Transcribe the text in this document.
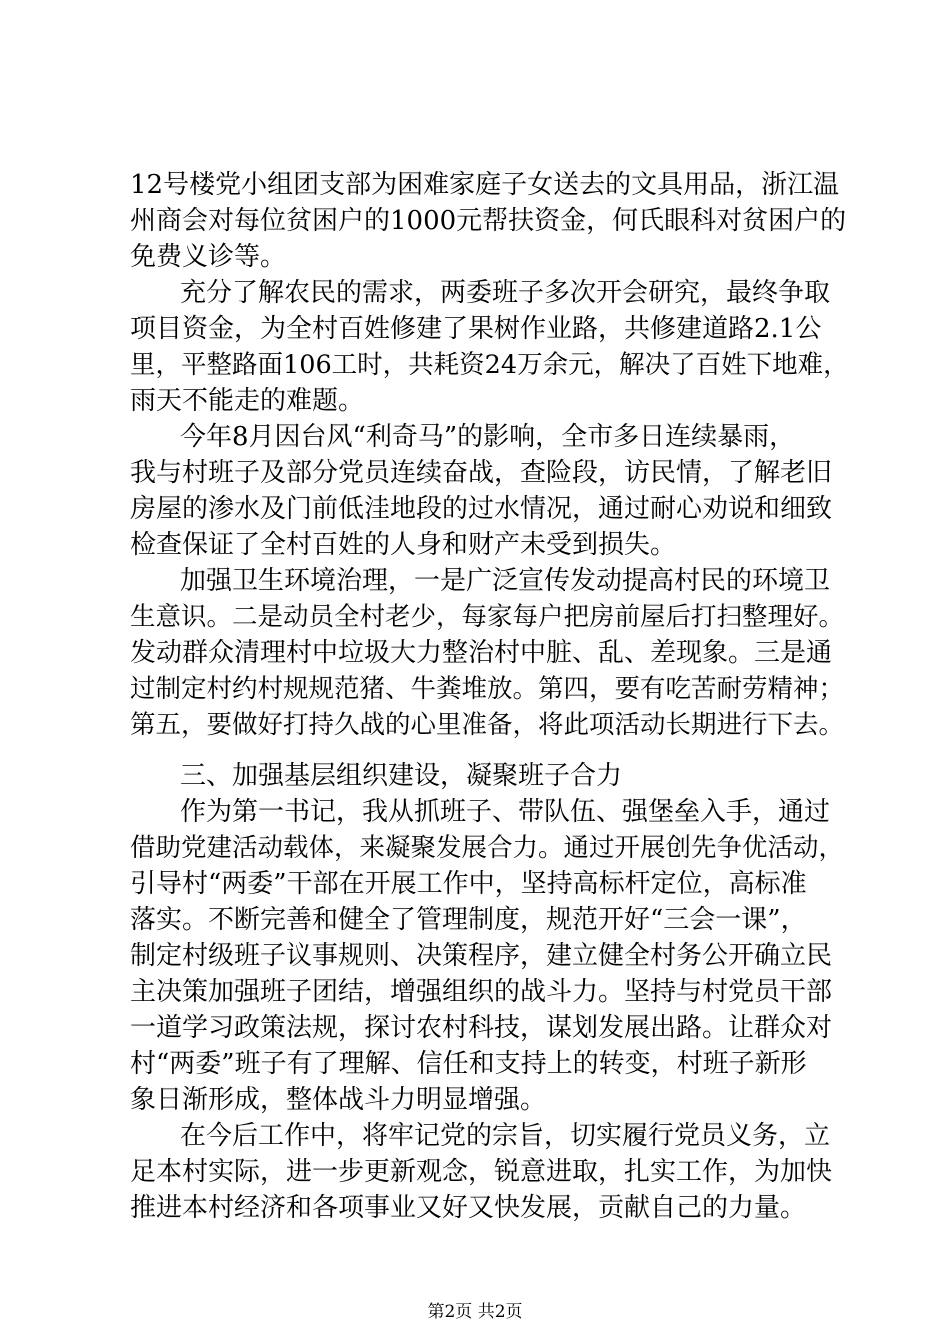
12号楼党小组团支部为困难家庭子女送去的文具用品，浙江温
州商会对每位贫困户的1000元帮扶资金，何氏眼科对贫困户的
免费义诊等。
充分了解农民的需求，两委班子多次开会研究，最终争取
项目资金，为全村百姓修建了果树作业路，共修建道路2.1公
里，平整路面106工时，共耗资24万余元，解决了百姓下地难，
雨天不能走的难题。
今年8月因台风“利奇马”的影响，全市多日连续暴雨，
我与村班子及部分党员连续奋战，查险段，访民情，了解老旧
房屋的渗水及门前低洼地段的过水情况，通过耐心劝说和细致
检查保证了全村百姓的人身和财产未受到损失。
加强卫生环境治理，一是广泛宣传发动提高村民的环境卫
生意识。二是动员全村老少，每家每户把房前屋后打扫整理好。
发动群众清理村中垃圾大力整治村中脏、乱、差现象。三是通
过制定村约村规规范猪、牛粪堆放。第四，要有吃苦耐劳精神；
第五，要做好打持久战的心里准备，将此项活动长期进行下去。
三、加强基层组织建设，凝聚班子合力
作为第一书记，我从抓班子、带队伍、强堡垒入手，通过
借助党建活动载体，来凝聚发展合力。通过开展创先争优活动，
引导村“两委”干部在开展工作中，坚持高标杆定位，高标准
落实。不断完善和健全了管理制度，规范开好“三会一课”，
制定村级班子议事规则、决策程序，建立健全村务公开确立民
主决策加强班子团结，增强组织的战斗力。坚持与村党员干部
一道学习政策法规，探讨农村科技，谋划发展出路。让群众对
村“两委”班子有了理解、信任和支持上的转变，村班子新形
象日渐形成，整体战斗力明显增强。
在今后工作中，将牢记党的宗旨，切实履行党员义务，立
足本村实际，进一步更新观念，锐意进取，扎实工作，为加快
推进本村经济和各项事业又好又快发展，贡献自己的力量。
第2页 共2页
